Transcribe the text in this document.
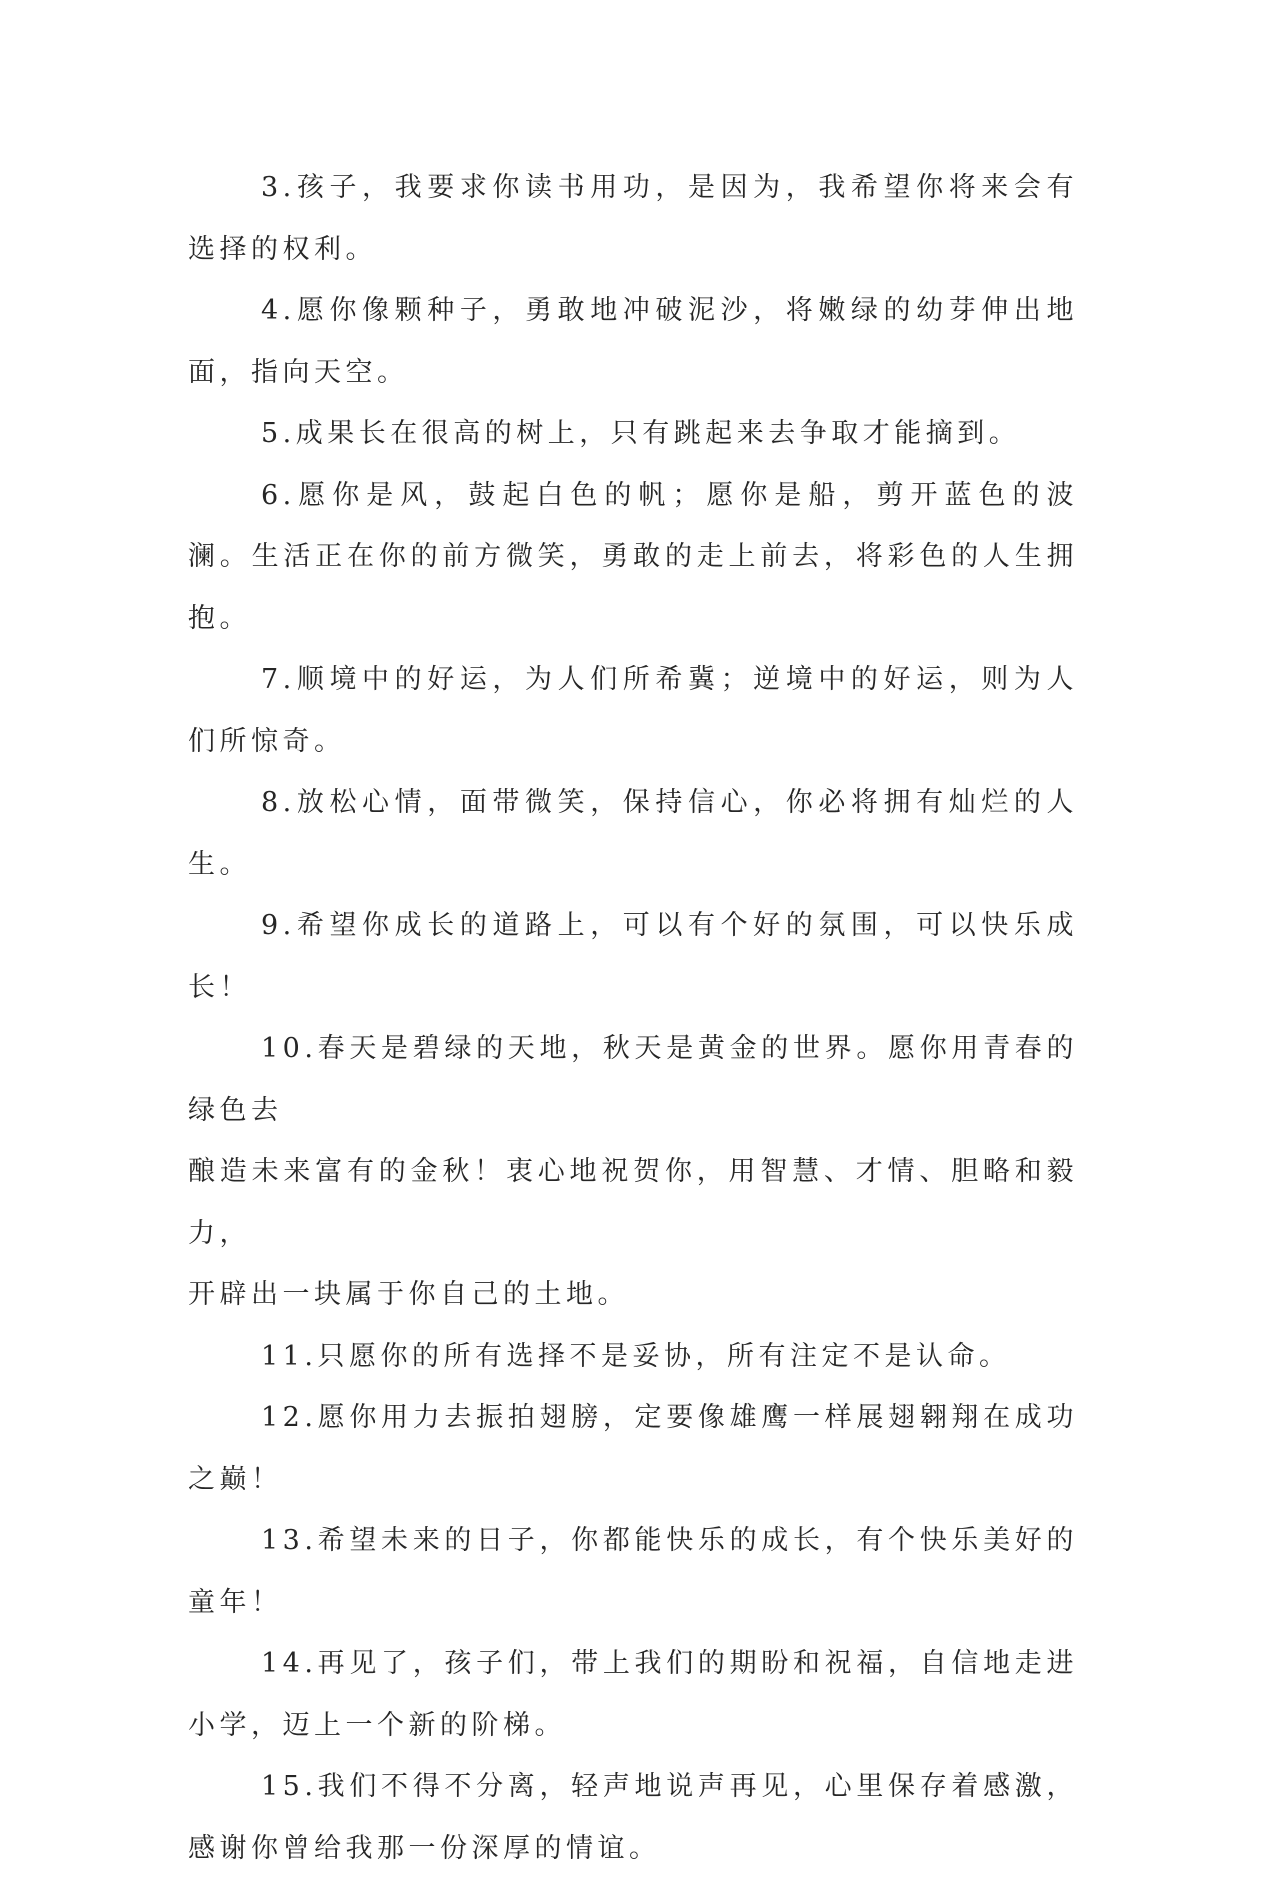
3.孩子，我要求你读书用功，是因为，我希望你将来会有选择的权利。

4.愿你像颗种子，勇敢地冲破泥沙，将嫩绿的幼芽伸出地面，指向天空。

5.成果长在很高的树上，只有跳起来去争取才能摘到。

6.愿你是风，鼓起白色的帆；愿你是船，剪开蓝色的波澜。生活正在你的前方微笑，勇敢的走上前去，将彩色的人生拥抱。

7.顺境中的好运，为人们所希冀；逆境中的好运，则为人们所惊奇。

8.放松心情，面带微笑，保持信心，你必将拥有灿烂的人生。

9.希望你成长的道路上，可以有个好的氛围，可以快乐成长！

10.春天是碧绿的天地，秋天是黄金的世界。愿你用青春的绿色去
酿造未来富有的金秋！衷心地祝贺你，用智慧、才情、胆略和毅力，
开辟出一块属于你自己的土地。

11.只愿你的所有选择不是妥协，所有注定不是认命。

12.愿你用力去振拍翅膀，定要像雄鹰一样展翅翱翔在成功之巅！

13.希望未来的日子，你都能快乐的成长，有个快乐美好的童年！

14.再见了，孩子们，带上我们的期盼和祝福，自信地走进小学，迈上一个新的阶梯。

15.我们不得不分离，轻声地说声再见，心里保存着感激，感谢你曾给我那一份深厚的情谊。
